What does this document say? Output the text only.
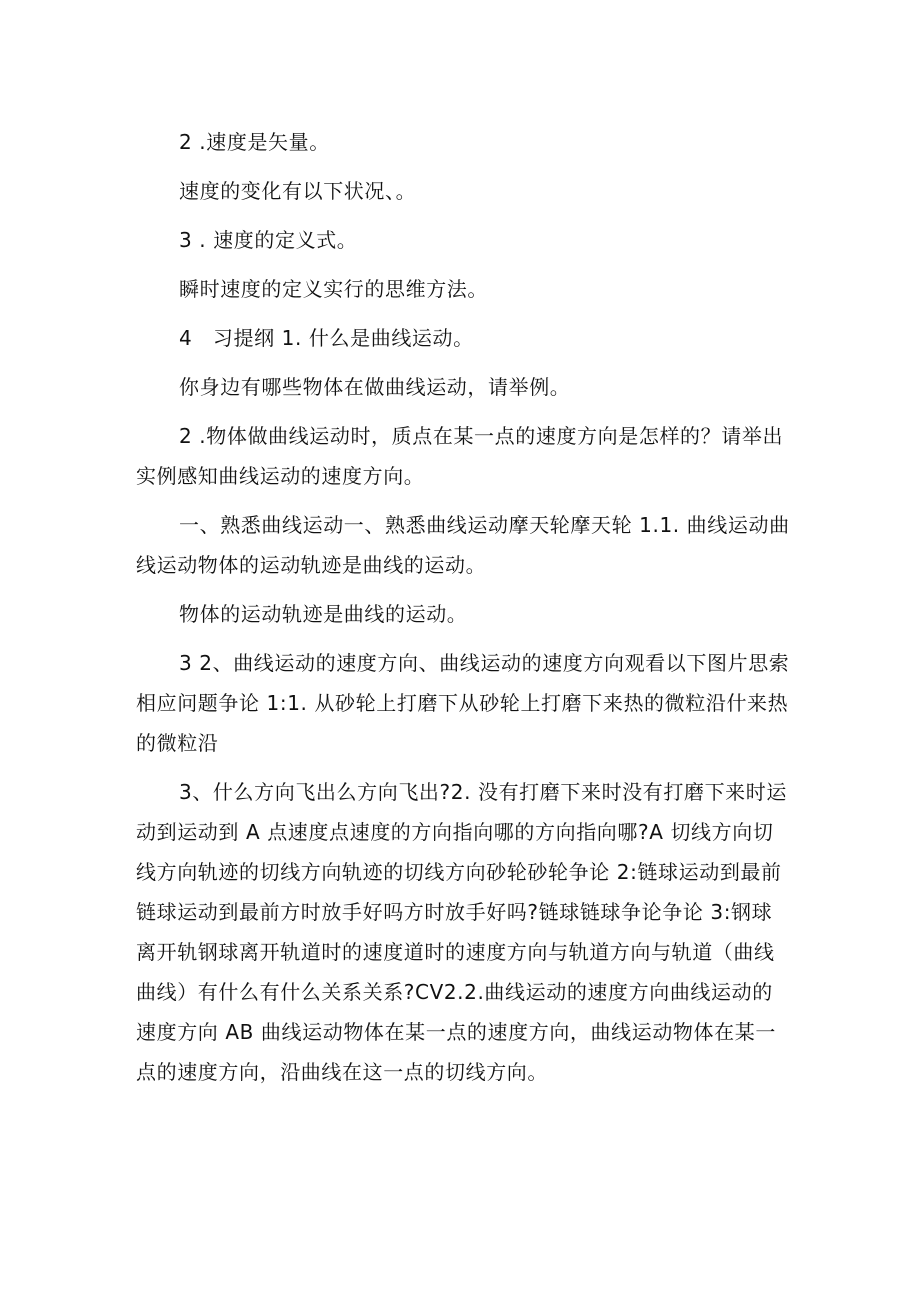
2 .速度是矢量。

速度的变化有以下状况、。

3 . 速度的定义式。

瞬时速度的定义实行的思维方法。

4　习提纲 1. 什么是曲线运动。

你身边有哪些物体在做曲线运动，请举例。

2 .物体做曲线运动时，质点在某一点的速度方向是怎样的？请举出实例感知曲线运动的速度方向。

一、熟悉曲线运动一、熟悉曲线运动摩天轮摩天轮 1.1. 曲线运动曲线运动物体的运动轨迹是曲线的运动。

物体的运动轨迹是曲线的运动。

3 2、曲线运动的速度方向、曲线运动的速度方向观看以下图片思索相应问题争论 1:1. 从砂轮上打磨下从砂轮上打磨下来热的微粒沿什来热的微粒沿

3、什么方向飞出么方向飞出?2. 没有打磨下来时没有打磨下来时运动到运动到 A 点速度点速度的方向指向哪的方向指向哪?A 切线方向切线方向轨迹的切线方向轨迹的切线方向砂轮砂轮争论 2:链球运动到最前链球运动到最前方时放手好吗方时放手好吗?链球链球争论争论 3:钢球离开轨钢球离开轨道时的速度道时的速度方向与轨道方向与轨道（曲线曲线）有什么有什么关系关系?CV2.2.曲线运动的速度方向曲线运动的速度方向 AB 曲线运动物体在某一点的速度方向，曲线运动物体在某一点的速度方向，沿曲线在这一点的切线方向。
